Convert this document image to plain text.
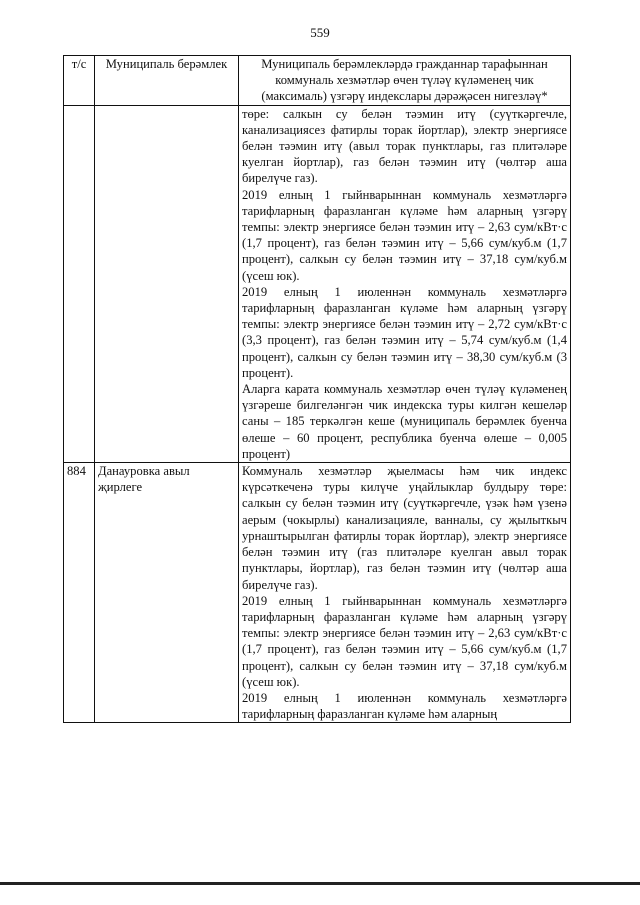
559
т/с	Муниципаль берәмлек	Муниципаль берәмлекләрдә гражданнар тарафыннан коммуналь хезмәтләр өчен түләү күләменең чик (максималь) үзгәрү индекслары дәрәҗәсен нигезләү*

		төре: салкын су белән тәэмин итү (суүткәргечле, канализациясез фатирлы торак йортлар), электр энергиясе белән тәэмин итү (авыл торак пунктлары, газ плитәләре куелган йортлар), газ белән тәэмин итү (чөлтәр аша бирелүче газ).

2019 елның 1 гыйнварыннан коммуналь хезмәтләргә тарифларның фаразланган күләме һәм аларның үзгәрү темпы: электр энергиясе белән тәэмин итү – 2,63 сум/кВт·с (1,7 процент), газ белән тәэмин итү – 5,66 сум/куб.м (1,7 процент), салкын су белән тәэмин итү – 37,18 сум/куб.м (үсеш юк).

2019 елның 1 июленнән коммуналь хезмәтләргә тарифларның фаразланган күләме һәм аларның үзгәрү темпы: электр энергиясе белән тәэмин итү – 2,72 сум/кВт·с (3,3 процент), газ белән тәэмин итү – 5,74 сум/куб.м (1,4 процент), салкын су белән тәэмин итү – 38,30 сум/куб.м (3 процент).

Аларга карата коммуналь хезмәтләр өчен түләү күләменең үзгәреше билгеләнгән чик индекска туры килгән кешеләр саны – 185 теркәлгән кеше (муниципаль берәмлек буенча өлеше – 60 процент, республика буенча өлеше – 0,005 процент)

884	Данауровка авыл җирлеге	Коммуналь хезмәтләр җыелмасы һәм чик индекс күрсәткеченә туры килүче уңайлыклар булдыру төре: салкын су белән тәэмин итү (суүткәргечле, үзәк һәм үзенә аерым (чокырлы) канализацияле, ванналы, су җылыткыч урнаштырылган фатирлы торак йортлар), электр энергиясе белән тәэмин итү (газ плитәләре куелган авыл торак пунктлары, йортлар), газ белән тәэмин итү (чөлтәр аша бирелүче газ).

2019 елның 1 гыйнварыннан коммуналь хезмәтләргә тарифларның фаразланган күләме һәм аларның үзгәрү темпы: электр энергиясе белән тәэмин итү – 2,63 сум/кВт·с (1,7 процент), газ белән тәэмин итү – 5,66 сум/куб.м (1,7 процент), салкын су белән тәэмин итү – 37,18 сум/куб.м (үсеш юк).

2019 елның 1 июленнән коммуналь хезмәтләргә тарифларның фаразланган күләме һәм аларның
